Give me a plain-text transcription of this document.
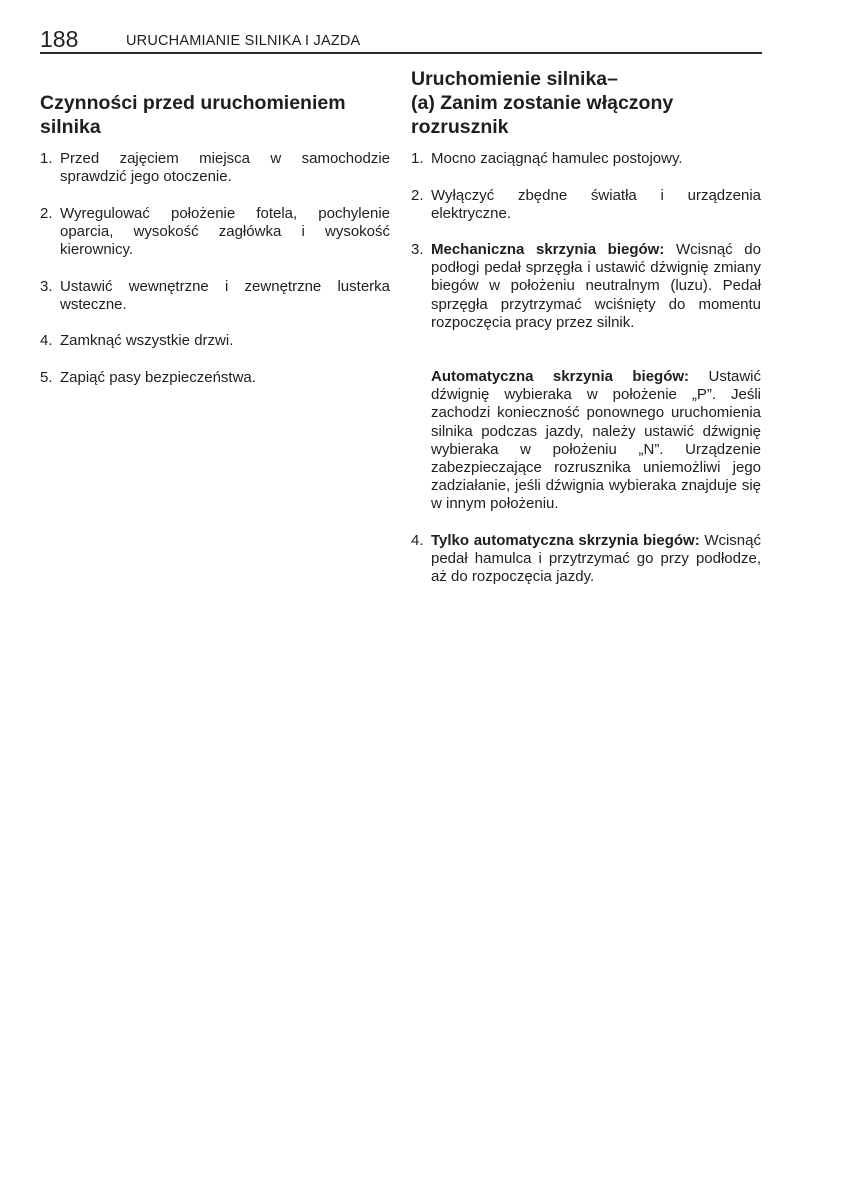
188	URUCHAMIANIE SILNIKA I JAZDA
Czynności przed uruchomieniem
silnika
1. Przed zajęciem miejsca w samochodzie sprawdzić jego otoczenie.
2. Wyregulować położenie fotela, pochylenie oparcia, wysokość zagłówka i wysokość kierownicy.
3. Ustawić wewnętrzne i zewnętrzne lusterka wsteczne.
4. Zamknąć wszystkie drzwi.
5. Zapiąć pasy bezpieczeństwa.
Uruchomienie silnika–
(a) Zanim zostanie włączony
rozrusznik
1. Mocno zaciągnąć hamulec postojowy.
2. Wyłączyć zbędne światła i urządzenia elektryczne.
3. Mechaniczna skrzynia biegów: Wcisnąć do podłogi pedał sprzęgła i ustawić dźwignię zmiany biegów w położeniu neutralnym (luzu). Pedał sprzęgła przytrzymać wciśnięty do momentu rozpoczęcia pracy przez silnik.
Automatyczna skrzynia biegów: Ustawić dźwignię wybieraka w położenie „P”. Jeśli zachodzi konieczność ponownego uruchomienia silnika podczas jazdy, należy ustawić dźwignię wybieraka w położeniu „N”. Urządzenie zabezpieczające rozrusznika uniemożliwi jego zadziałanie, jeśli dźwignia wybieraka znajduje się w innym położeniu.
4. Tylko automatyczna skrzynia biegów: Wcisnąć pedał hamulca i przytrzymać go przy podłodze, aż do rozpoczęcia jazdy.
